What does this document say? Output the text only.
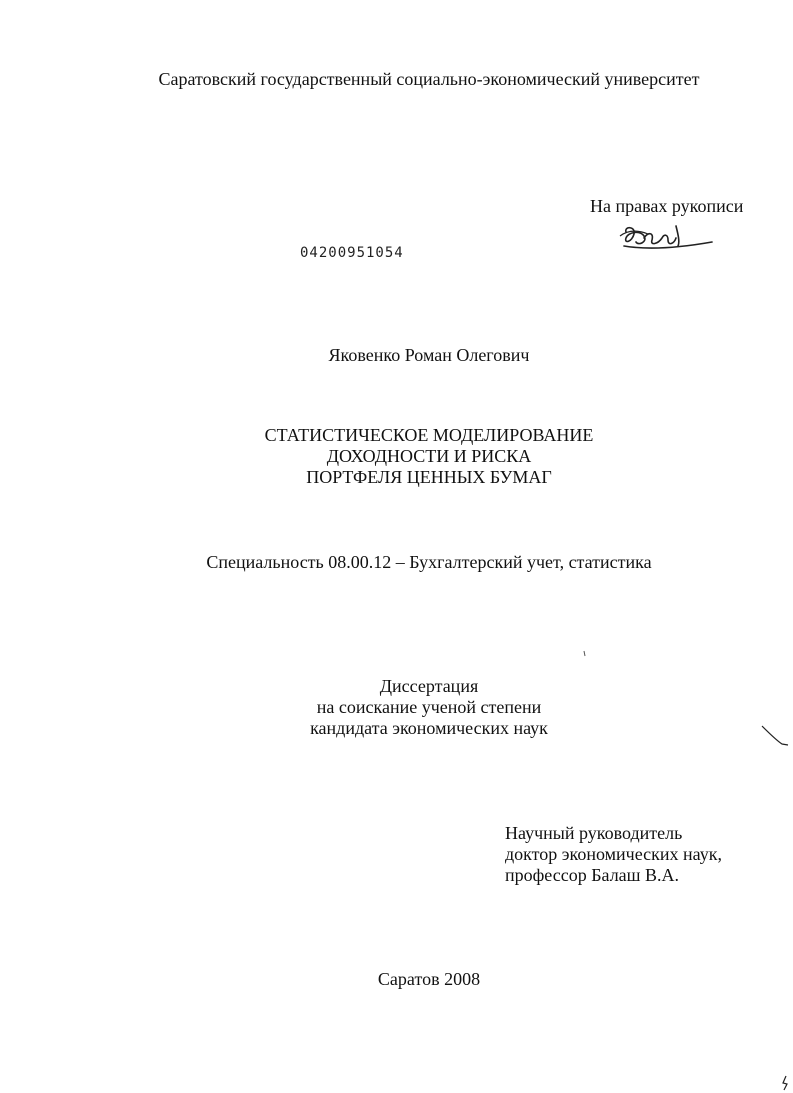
Саратовский государственный социально-экономический университет
На правах рукописи
04200951054
Яковенко Роман Олегович
СТАТИСТИЧЕСКОЕ МОДЕЛИРОВАНИЕ
ДОХОДНОСТИ И РИСКА
ПОРТФЕЛЯ ЦЕННЫХ БУМАГ
Специальность 08.00.12 – Бухгалтерский учет, статистика
Диссертация
на соискание ученой степени
кандидата экономических наук
Научный руководитель
доктор экономических наук,
профессор Балаш В.А.
Саратов 2008
